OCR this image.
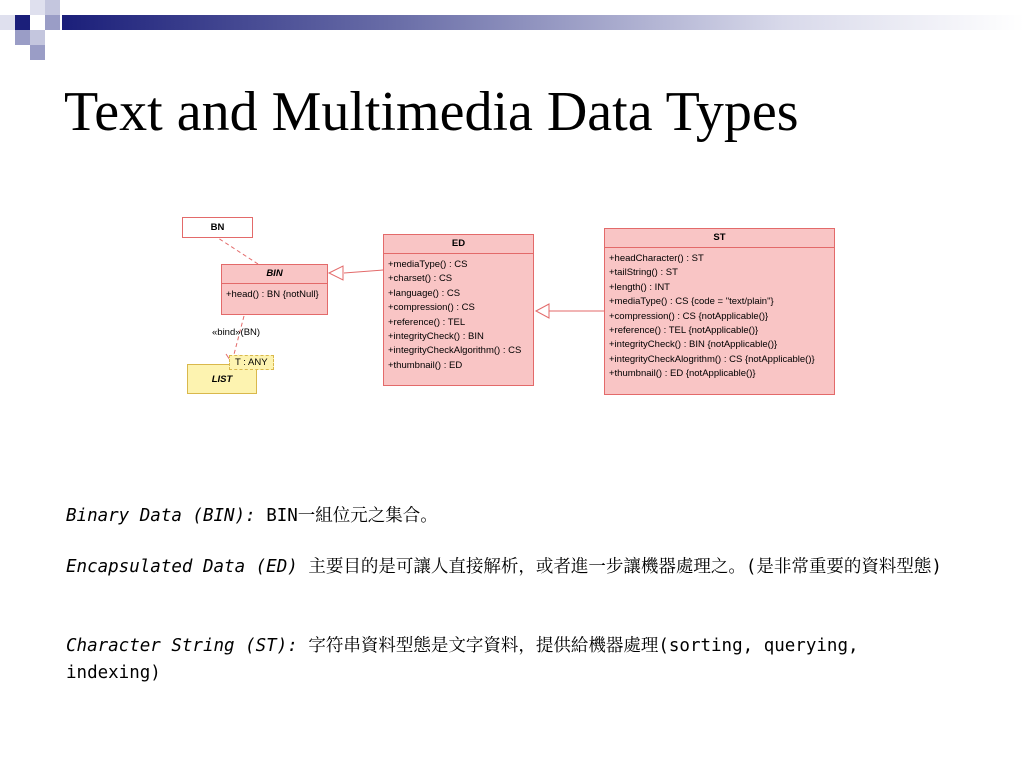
Text and Multimedia Data Types
BN
BIN
+head() : BN {notNull}
«bind»(BN)
LIST
T : ANY
ED
+mediaType() : CS
+charset() : CS
+language() : CS
+compression() : CS
+reference() : TEL
+integrityCheck() : BIN
+integrityCheckAlgorithm() : CS
+thumbnail() : ED
ST
+headCharacter() : ST
+tailString() : ST
+length() : INT
+mediaType() : CS {code = "text/plain"}
+compression() : CS {notApplicable()}
+reference() : TEL {notApplicable()}
+integrityCheck() : BIN {notApplicable()}
+integrityCheckAlogrithm() : CS {notApplicable()}
+thumbnail() : ED {notApplicable()}
Binary Data (BIN): BIN一組位元之集合。
Encapsulated Data (ED) 主要目的是可讓人直接解析，或者進一步讓機器處理之。(是非常重要的資料型態)
Character String (ST): 字符串資料型態是文字資料，提供給機器處理(sorting, querying, indexing)
